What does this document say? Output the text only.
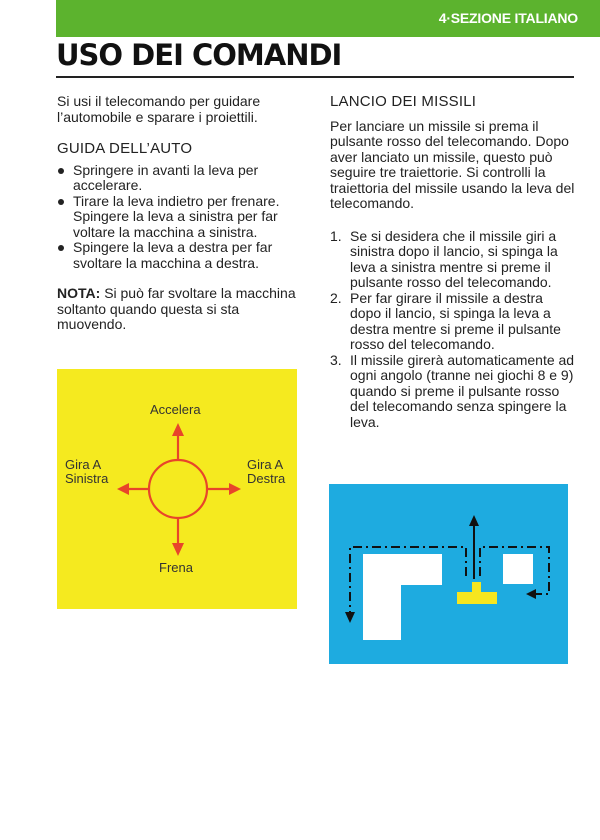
4·SEZIONE ITALIANO
USO DEI COMANDI

Si usi il telecomando per guidare l’automobile e sparare i proiettili.

GUIDA DELL’AUTO
Springere in avanti la leva per accelerare.
Tirare la leva indietro per frenare. Spingere la leva a sinistra per far voltare la macchina a sinistra.
Spingere la leva a destra per far svoltare la macchina a destra.

NOTA: Si può far svoltare la macchina soltanto quando questa si sta muovendo.

LANCIO DEI MISSILI

Per lanciare un missile si prema il pulsante rosso del telecomando. Dopo aver lanciato un missile, questo può seguire tre traiettorie. Si controlli la traiettoria del missile usando la leva del telecomando.

1. Se si desidera che il missile giri a sinistra dopo il lancio, si spinga la leva a sinistra mentre si preme il pulsante rosso del telecomando.
2. Per far girare il missile a destra dopo il lancio, si spinga la leva a destra mentre si preme il pulsante rosso del telecomando.
3. Il missile girerà automaticamente ad ogni angolo (tranne nei giochi 8 e 9) quando si preme il pulsante rosso del telecomando senza spingere la leva.
Accelera
Frena
Gira A
Sinistra
Gira A
Destra
